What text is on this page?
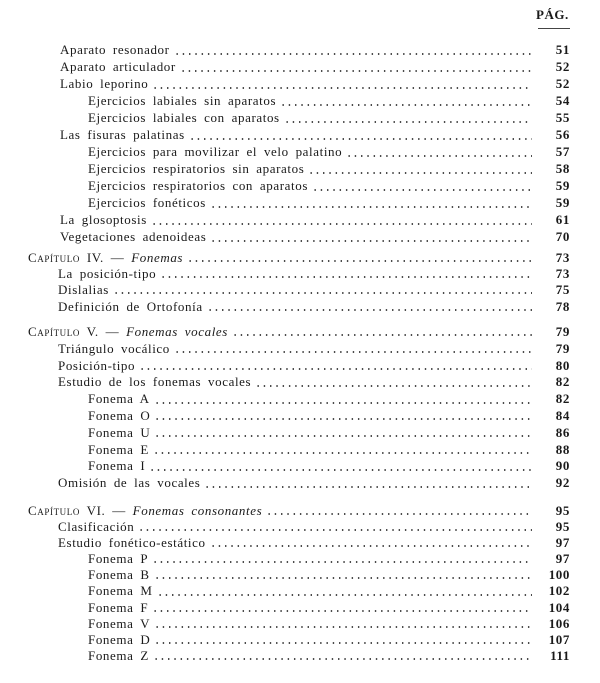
PÁG.
Aparato resonador	51
Aparato articulador	52
Labio leporino	52
Ejercicios labiales sin aparatos	54
Ejercicios labiales con aparatos	55
Las fisuras palatinas	56
Ejercicios para movilizar el velo palatino	57
Ejercicios respiratorios sin aparatos	58
Ejercicios respiratorios con aparatos	59
Ejercicios fonéticos	59
La glosoptosis	61
Vegetaciones adenoideas	70
Capítulo IV. — Fonemas	73
La posición-tipo	73
Dislalias	75
Definición de Ortofonía	78
Capítulo V. — Fonemas vocales	79
Triángulo vocálico	79
Posición-tipo	80
Estudio de los fonemas vocales	82
Fonema A	82
Fonema O	84
Fonema U	86
Fonema E	88
Fonema I	90
Omisión de las vocales	92
Capítulo VI. — Fonemas consonantes	95
Clasificación	95
Estudio fonético-estático	97
Fonema P	97
Fonema B	100
Fonema M	102
Fonema F	104
Fonema V	106
Fonema D	107
Fonema Z	111
